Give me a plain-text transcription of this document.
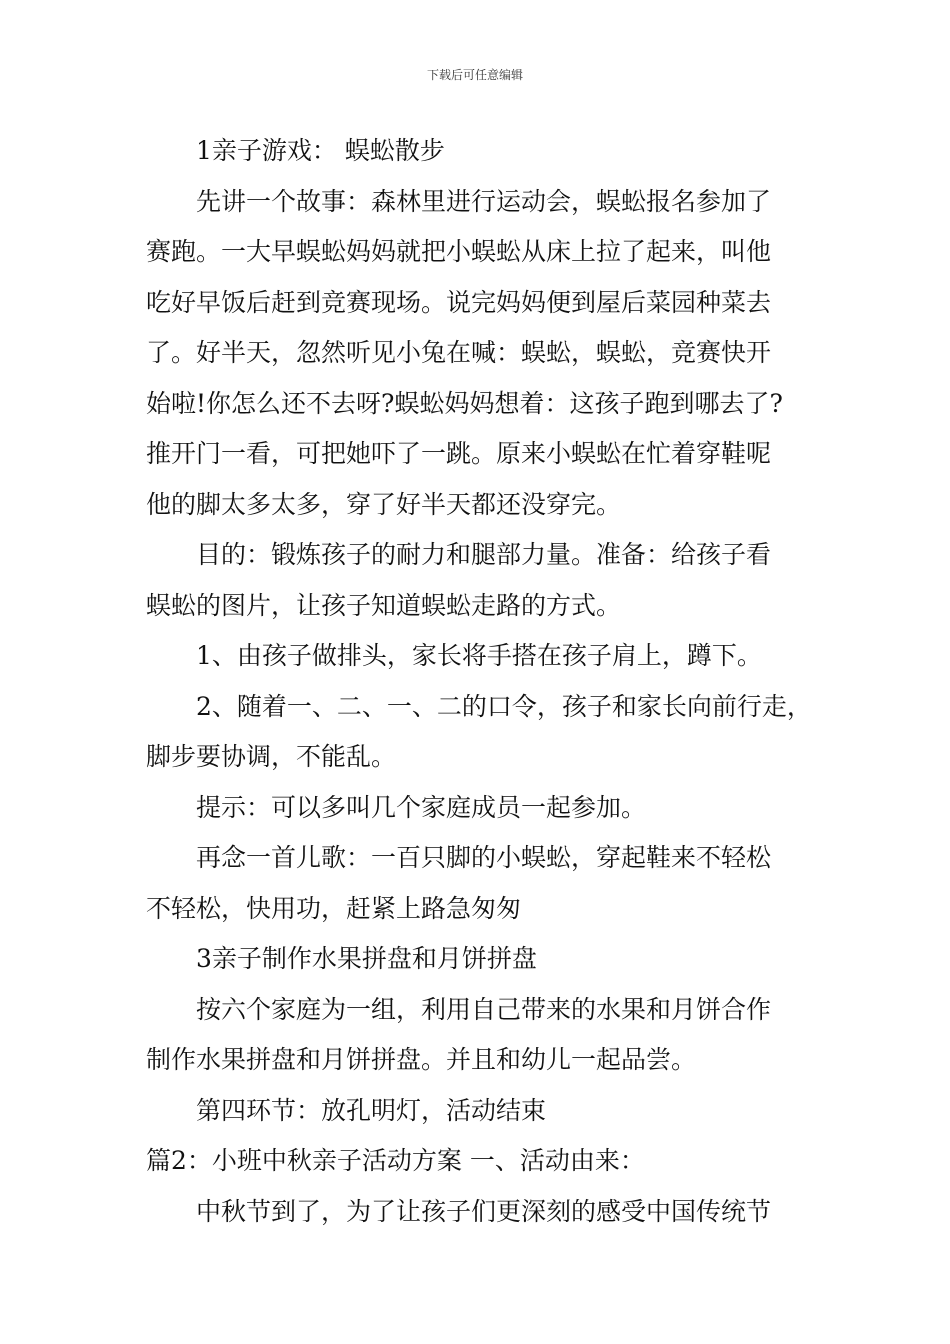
下载后可任意编辑

1亲子游戏： 蜈蚣散步

先讲一个故事：森林里进行运动会，蜈蚣报名参加了

赛跑。一大早蜈蚣妈妈就把小蜈蚣从床上拉了起来，叫他

吃好早饭后赶到竞赛现场。说完妈妈便到屋后菜园种菜去

了。好半天，忽然听见小兔在喊：蜈蚣，蜈蚣，竞赛快开

始啦!你怎么还不去呀?蜈蚣妈妈想着：这孩子跑到哪去了?

推开门一看，可把她吓了一跳。原来小蜈蚣在忙着穿鞋呢

他的脚太多太多，穿了好半天都还没穿完。

目的：锻炼孩子的耐力和腿部力量。准备：给孩子看

蜈蚣的图片，让孩子知道蜈蚣走路的方式。

1、由孩子做排头，家长将手搭在孩子肩上，蹲下。

2、随着一、二、一、二的口令，孩子和家长向前行走，

脚步要协调，不能乱。

提示：可以多叫几个家庭成员一起参加。

再念一首儿歌：一百只脚的小蜈蚣，穿起鞋来不轻松

不轻松，快用功，赶紧上路急匆匆

3亲子制作水果拼盘和月饼拼盘

按六个家庭为一组，利用自己带来的水果和月饼合作

制作水果拼盘和月饼拼盘。并且和幼儿一起品尝。

第四环节：放孔明灯，活动结束

篇2：小班中秋亲子活动方案 一、活动由来：

中秋节到了，为了让孩子们更深刻的感受中国传统节
